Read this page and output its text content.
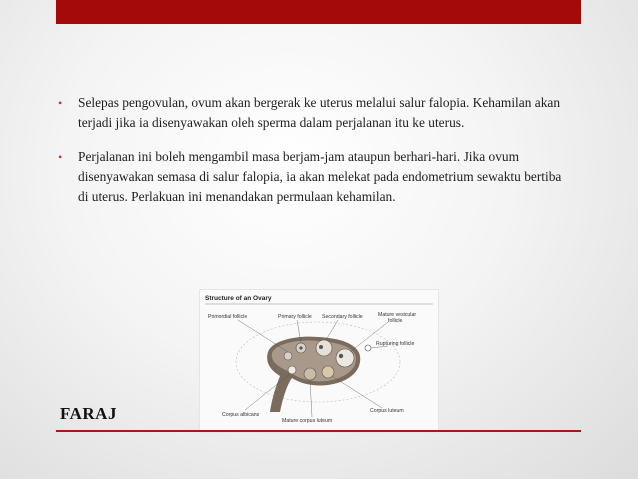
• Selepas pengovulan, ovum akan bergerak ke uterus melalui salur falopia. Kehamilan akan terjadi jika ia disenyawakan oleh sperma dalam perjalanan itu ke uterus.
• Perjalanan ini boleh mengambil masa berjam-jam ataupun berhari-hari. Jika ovum disenyawakan semasa di salur falopia, ia akan melekat pada endometrium sewaktu bertiba di uterus. Perlakuan ini menandakan permulaan kehamilan.
Structure of an Ovary
Primordial follicle	Primary follicle Secondary follicle	Mature vesicular
follicle
Rupturing follicle
Corpus albicans
Mature corpus luteum
Corpus luteum
FARAJ
